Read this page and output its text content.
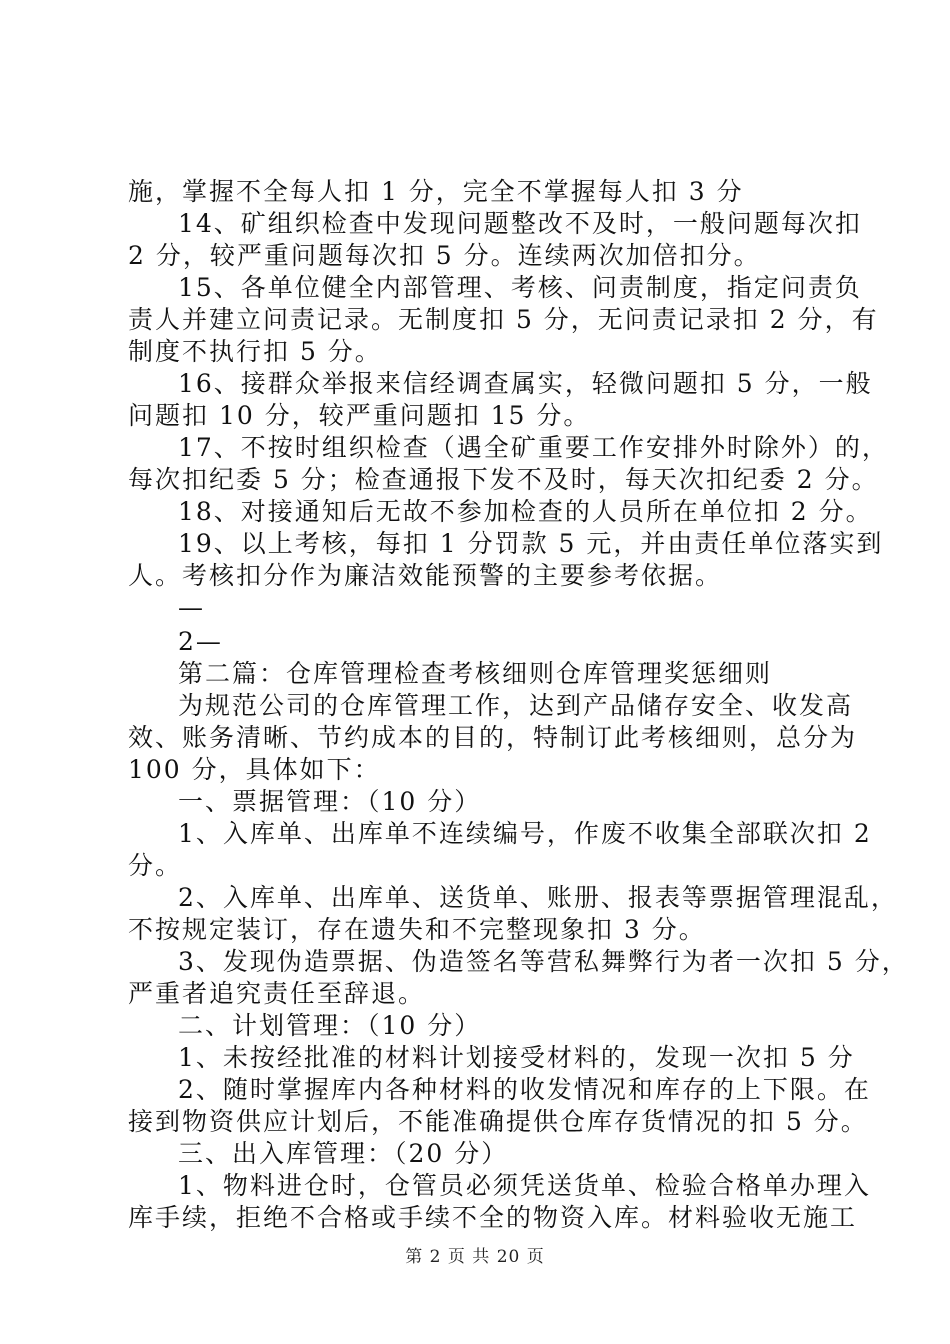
施，掌握不全每人扣 1 分，完全不掌握每人扣 3 分
14、矿组织检查中发现问题整改不及时，一般问题每次扣
2 分，较严重问题每次扣 5 分。连续两次加倍扣分。
15、各单位健全内部管理、考核、问责制度，指定问责负
责人并建立问责记录。无制度扣 5 分，无问责记录扣 2 分，有
制度不执行扣 5 分。
16、接群众举报来信经调查属实，轻微问题扣 5 分，一般
问题扣 10 分，较严重问题扣 15 分。
17、不按时组织检查（遇全矿重要工作安排外时除外）的，
每次扣纪委 5 分；检查通报下发不及时，每天次扣纪委 2 分。
18、对接通知后无故不参加检查的人员所在单位扣 2 分。
19、以上考核，每扣 1 分罚款 5 元，并由责任单位落实到
人。考核扣分作为廉洁效能预警的主要参考依据。
—
2—
第二篇：仓库管理检查考核细则仓库管理奖惩细则
为规范公司的仓库管理工作，达到产品储存安全、收发高
效、账务清晰、节约成本的目的，特制订此考核细则，总分为
100 分，具体如下：
一、票据管理：（10 分）
1、入库单、出库单不连续编号，作废不收集全部联次扣 2
分。
2、入库单、出库单、送货单、账册、报表等票据管理混乱，
不按规定装订，存在遗失和不完整现象扣 3 分。
3、发现伪造票据、伪造签名等营私舞弊行为者一次扣 5 分，
严重者追究责任至辞退。
二、计划管理：（10 分）
1、未按经批准的材料计划接受材料的，发现一次扣 5 分
2、随时掌握库内各种材料的收发情况和库存的上下限。在
接到物资供应计划后，不能准确提供仓库存货情况的扣 5 分。
三、出入库管理：（20 分）
1、物料进仓时，仓管员必须凭送货单、检验合格单办理入
库手续，拒绝不合格或手续不全的物资入库。材料验收无施工
第 2 页 共 20 页
